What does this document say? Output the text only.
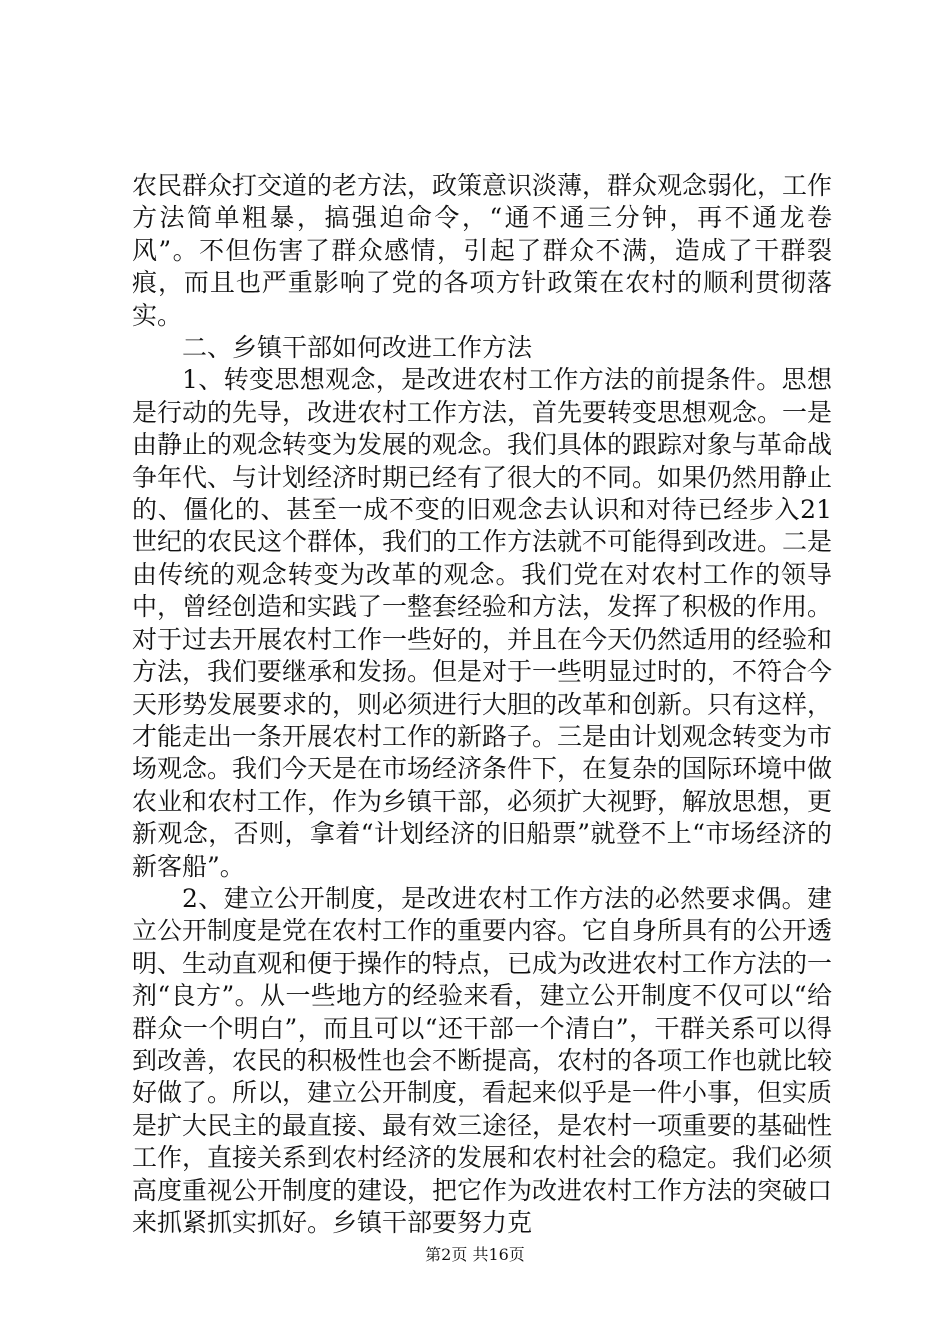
农民群众打交道的老方法，政策意识淡薄，群众观念弱化，工作方法简单粗暴，搞强迫命令，“通不通三分钟，再不通龙卷风”。不但伤害了群众感情，引起了群众不满，造成了干群裂痕，而且也严重影响了党的各项方针政策在农村的顺利贯彻落实。

二、乡镇干部如何改进工作方法

1、转变思想观念，是改进农村工作方法的前提条件。思想是行动的先导，改进农村工作方法，首先要转变思想观念。一是由静止的观念转变为发展的观念。我们具体的跟踪对象与革命战争年代、与计划经济时期已经有了很大的不同。如果仍然用静止的、僵化的、甚至一成不变的旧观念去认识和对待已经步入21世纪的农民这个群体，我们的工作方法就不可能得到改进。二是由传统的观念转变为改革的观念。我们党在对农村工作的领导中，曾经创造和实践了一整套经验和方法，发挥了积极的作用。对于过去开展农村工作一些好的，并且在今天仍然适用的经验和方法，我们要继承和发扬。但是对于一些明显过时的，不符合今天形势发展要求的，则必须进行大胆的改革和创新。只有这样，才能走出一条开展农村工作的新路子。三是由计划观念转变为市场观念。我们今天是在市场经济条件下，在复杂的国际环境中做农业和农村工作，作为乡镇干部，必须扩大视野，解放思想，更新观念，否则，拿着“计划经济的旧船票”就登不上“市场经济的新客船”。

2、建立公开制度，是改进农村工作方法的必然要求偶。建立公开制度是党在农村工作的重要内容。它自身所具有的公开透明、生动直观和便于操作的特点，已成为改进农村工作方法的一剂“良方”。从一些地方的经验来看，建立公开制度不仅可以“给群众一个明白”，而且可以“还干部一个清白”，干群关系可以得到改善，农民的积极性也会不断提高，农村的各项工作也就比较好做了。所以，建立公开制度，看起来似乎是一件小事，但实质是扩大民主的最直接、最有效三途径，是农村一项重要的基础性工作，直接关系到农村经济的发展和农村社会的稳定。我们必须高度重视公开制度的建设，把它作为改进农村工作方法的突破口来抓紧抓实抓好。乡镇干部要努力克

第2页 共16页
